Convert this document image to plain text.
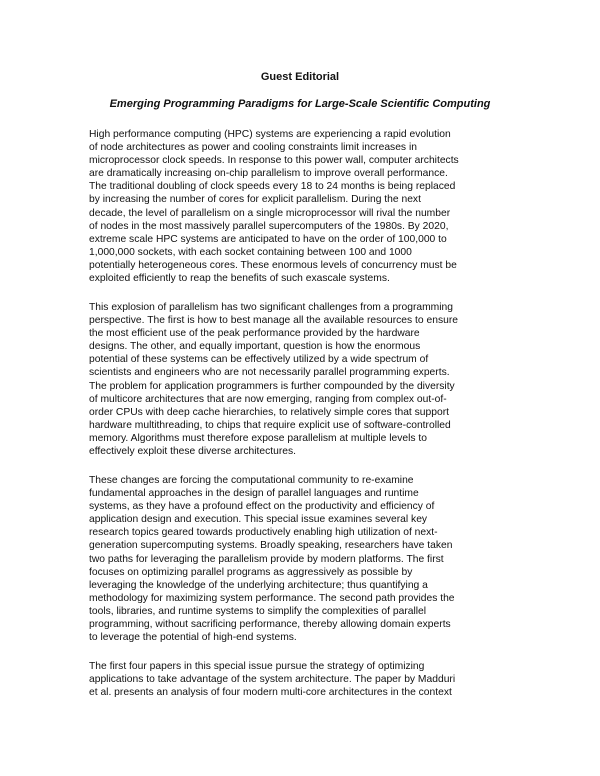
Guest Editorial
Emerging Programming Paradigms for Large-Scale Scientific Computing

High performance computing (HPC) systems are experiencing a rapid evolution
of node architectures as power and cooling constraints limit increases in
microprocessor clock speeds. In response to this power wall, computer architects
are dramatically increasing on-chip parallelism to improve overall performance.
The traditional doubling of clock speeds every 18 to 24 months is being replaced
by increasing the number of cores for explicit parallelism. During the next
decade, the level of parallelism on a single microprocessor will rival the number
of nodes in the most massively parallel supercomputers of the 1980s. By 2020,
extreme scale HPC systems are anticipated to have on the order of 100,000 to
1,000,000 sockets, with each socket containing between 100 and 1000
potentially heterogeneous cores. These enormous levels of concurrency must be
exploited efficiently to reap the benefits of such exascale systems.

This explosion of parallelism has two significant challenges from a programming
perspective. The first is how to best manage all the available resources to ensure
the most efficient use of the peak performance provided by the hardware
designs. The other, and equally important, question is how the enormous
potential of these systems can be effectively utilized by a wide spectrum of
scientists and engineers who are not necessarily parallel programming experts.
The problem for application programmers is further compounded by the diversity
of multicore architectures that are now emerging, ranging from complex out-of-
order CPUs with deep cache hierarchies, to relatively simple cores that support
hardware multithreading, to chips that require explicit use of software-controlled
memory. Algorithms must therefore expose parallelism at multiple levels to
effectively exploit these diverse architectures.

These changes are forcing the computational community to re-examine
fundamental approaches in the design of parallel languages and runtime
systems, as they have a profound effect on the productivity and efficiency of
application design and execution. This special issue examines several key
research topics geared towards productively enabling high utilization of next-
generation supercomputing systems. Broadly speaking, researchers have taken
two paths for leveraging the parallelism provide by modern platforms. The first
focuses on optimizing parallel programs as aggressively as possible by
leveraging the knowledge of the underlying architecture; thus quantifying a
methodology for maximizing system performance. The second path provides the
tools, libraries, and runtime systems to simplify the complexities of parallel
programming, without sacrificing performance, thereby allowing domain experts
to leverage the potential of high-end systems.

The first four papers in this special issue pursue the strategy of optimizing
applications to take advantage of the system architecture. The paper by Madduri
et al. presents an analysis of four modern multi-core architectures in the context
